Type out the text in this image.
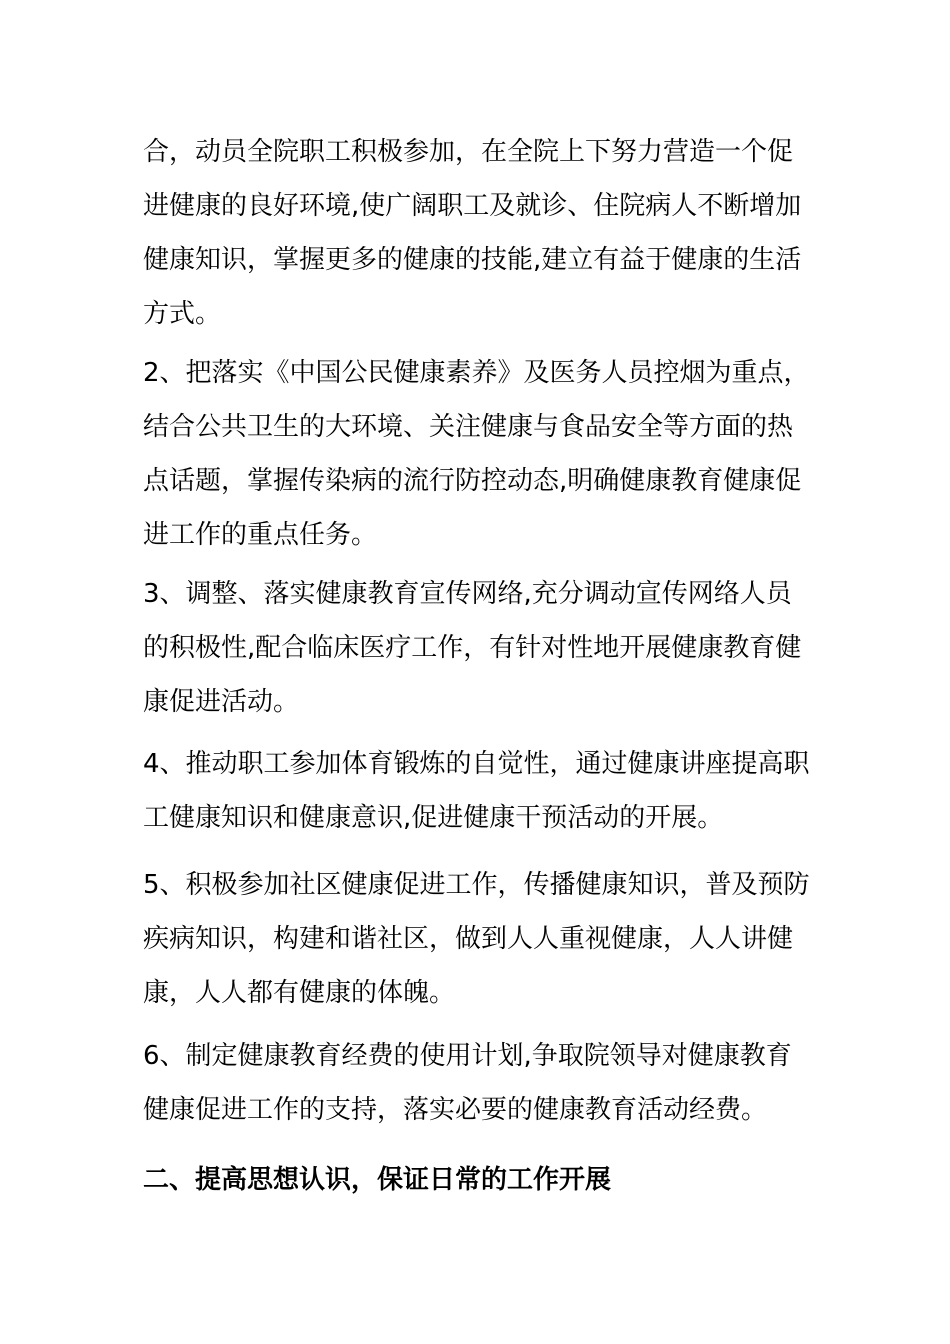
合，动员全院职工积极参加，在全院上下努力营造一个促进健康的良好环境,使广阔职工及就诊、住院病人不断增加健康知识，掌握更多的健康的技能,建立有益于健康的生活方式。

2、把落实《中国公民健康素养》及医务人员控烟为重点，结合公共卫生的大环境、关注健康与食品安全等方面的热点话题，掌握传染病的流行防控动态,明确健康教育健康促进工作的重点任务。

3、调整、落实健康教育宣传网络,充分调动宣传网络人员的积极性,配合临床医疗工作，有针对性地开展健康教育健康促进活动。

4、推动职工参加体育锻炼的自觉性，通过健康讲座提高职工健康知识和健康意识,促进健康干预活动的开展。

5、积极参加社区健康促进工作，传播健康知识，普及预防疾病知识，构建和谐社区，做到人人重视健康，人人讲健康，人人都有健康的体魄。

6、制定健康教育经费的使用计划,争取院领导对健康教育健康促进工作的支持，落实必要的健康教育活动经费。

二、提高思想认识，保证日常的工作开展
